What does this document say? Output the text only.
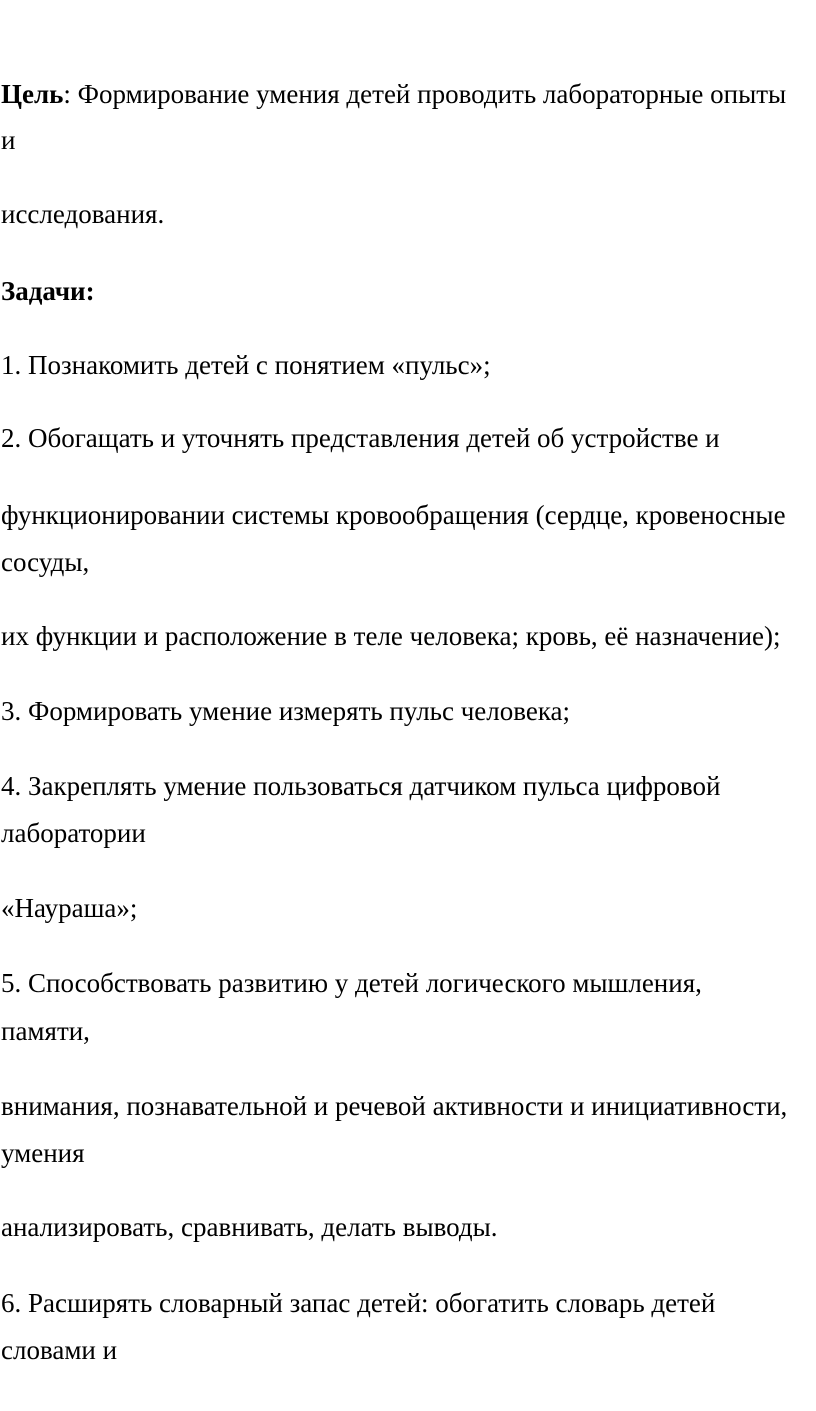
Цель: Формирование умения детей проводить лабораторные опыты

и

исследования.

Задачи:

1. Познакомить детей с понятием «пульс»;

2. Обогащать и уточнять представления детей об устройстве и

функционировании системы кровообращения (сердце, кровеносные

сосуды,

их функции и расположение в теле человека; кровь, её назначение);

3. Формировать умение измерять пульс человека;

4. Закреплять умение пользоваться датчиком пульса цифровой

лаборатории

«Наураша»;

5. Способствовать развитию у детей логического мышления,

памяти,

внимания, познавательной и речевой активности и инициативности,

умения

анализировать, сравнивать, делать выводы.

6. Расширять словарный запас детей: обогатить словарь детей

словами и
